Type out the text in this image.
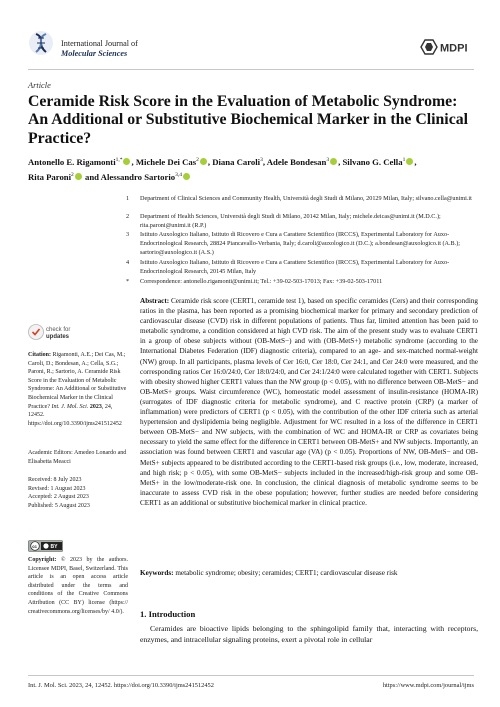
International Journal of
Molecular Sciences	MDPI
Article
Ceramide Risk Score in the Evaluation of Metabolic Syndrome: An Additional or Substitutive Biochemical Marker in the Clinical Practice?
Antonello E. Rigamonti$^{1,*}$ , Michele Dei Cas$^2$ , Diana Caroli$^3$, Adele Bondesan$^3$ , Silvano G. Cella$^1$ ,
Rita Paroni$^2$ and Alessandro Sartorio$^{3,4}$
1 Department of Clinical Sciences and Community Health, Università degli Studi di Milano, 20129 Milan, Italy; silvano.cella@unimi.it
2 Department of Health Sciences, Università degli Studi di Milano, 20142 Milan, Italy; michele.deicas@unimi.it (M.D.C.); rita.paroni@unimi.it (R.P.)
3 Istituto Auxologico Italiano, Istituto di Ricovero e Cura a Carattere Scientifico (IRCCS), Experimental Laboratory for Auxo-Endocrinological Research, 28824 Piancavallo-Verbania, Italy; d.caroli@auxologico.it (D.C.); a.bondesan@auxologico.it (A.B.); sartorio@auxologico.it (A.S.)
4 Istituto Auxologico Italiano, Istituto di Ricovero e Cura a Carattere Scientifico (IRCCS), Experimental Laboratory for Auxo-Endocrinological Research, 20145 Milan, Italy
* Correspondence: antonello.rigamonti@unimi.it; Tel.: +39-02-503-17013; Fax: +39-02-503-17011
check for
updates
Citation: Rigamonti, A.E.; Dei Cas, M.; Caroli, D.; Bondesan, A.; Cella, S.G.; Paroni, R.; Sartorio, A. Ceramide Risk Score in the Evaluation of Metabolic Syndrome: An Additional or Substitutive Biochemical Marker in the Clinical Practice? Int. J. Mol. Sci. 2023, 24, 12452. https://doi.org/10.3390/ijms241512452
Academic Editors: Amedeo Lonardo and Elisabetta Meacci
Received: 8 July 2023
Revised: 1 August 2023
Accepted: 2 August 2023
Published: 5 August 2023
cc	BY
Copyright: © 2023 by the authors. Licensee MDPI, Basel, Switzerland. This article is an open access article distributed under the terms and conditions of the Creative Commons Attribution (CC BY) license (https:// creativecommons.org/licenses/by/ 4.0/).
Abstract: Ceramide risk score (CERT1, ceramide test 1), based on specific ceramides (Cers) and their corresponding ratios in the plasma, has been reported as a promising biochemical marker for primary and secondary prediction of cardiovascular disease (CVD) risk in different populations of patients. Thus far, limited attention has been paid to metabolic syndrome, a condition considered at high CVD risk. The aim of the present study was to evaluate CERT1 in a group of obese subjects without (OB-MetS−) and with (OB-MetS+) metabolic syndrome (according to the International Diabetes Federation (IDF) diagnostic criteria), compared to an age- and sex-matched normal-weight (NW) group. In all participants, plasma levels of Cer 16:0, Cer 18:0, Cer 24:1, and Cer 24:0 were measured, and the corresponding ratios Cer 16:0/24:0, Cer 18:0/24:0, and Cer 24:1/24:0 were calculated together with CERT1. Subjects with obesity showed higher CERT1 values than the NW group (p < 0.05), with no difference between OB-MetS− and OB-MetS+ groups. Waist circumference (WC), homeostatic model assessment of insulin-resistance (HOMA-IR) (surrogates of IDF diagnostic criteria for metabolic syndrome), and C reactive protein (CRP) (a marker of inflammation) were predictors of CERT1 (p < 0.05), with the contribution of the other IDF criteria such as arterial hypertension and dyslipidemia being negligible. Adjustment for WC resulted in a loss of the difference in CERT1 between OB-MetS− and NW subjects, with the combination of WC and HOMA-IR or CRP as covariates being necessary to yield the same effect for the difference in CERT1 between OB-MetS+ and NW subjects. Importantly, an association was found between CERT1 and vascular age (VA) (p < 0.05). Proportions of NW, OB-MetS− and OB-MetS+ subjects appeared to be distributed according to the CERT1-based risk groups (i.e., low, moderate, increased, and high risk; p < 0.05), with some OB-MetS− subjects included in the increased/high-risk group and some OB-MetS+ in the low/moderate-risk one. In conclusion, the clinical diagnosis of metabolic syndrome seems to be inaccurate to assess CVD risk in the obese population; however, further studies are needed before considering CERT1 as an additional or substitutive biochemical marker in clinical practice.
Keywords: metabolic syndrome; obesity; ceramides; CERT1; cardiovascular disease risk
1. Introduction
Ceramides are bioactive lipids belonging to the sphingolipid family that, interacting with receptors, enzymes, and intracellular signaling proteins, exert a pivotal role in cellular
Int. J. Mol. Sci. 2023, 24, 12452. https://doi.org/10.3390/ijms241512452	https://www.mdpi.com/journal/ijms
